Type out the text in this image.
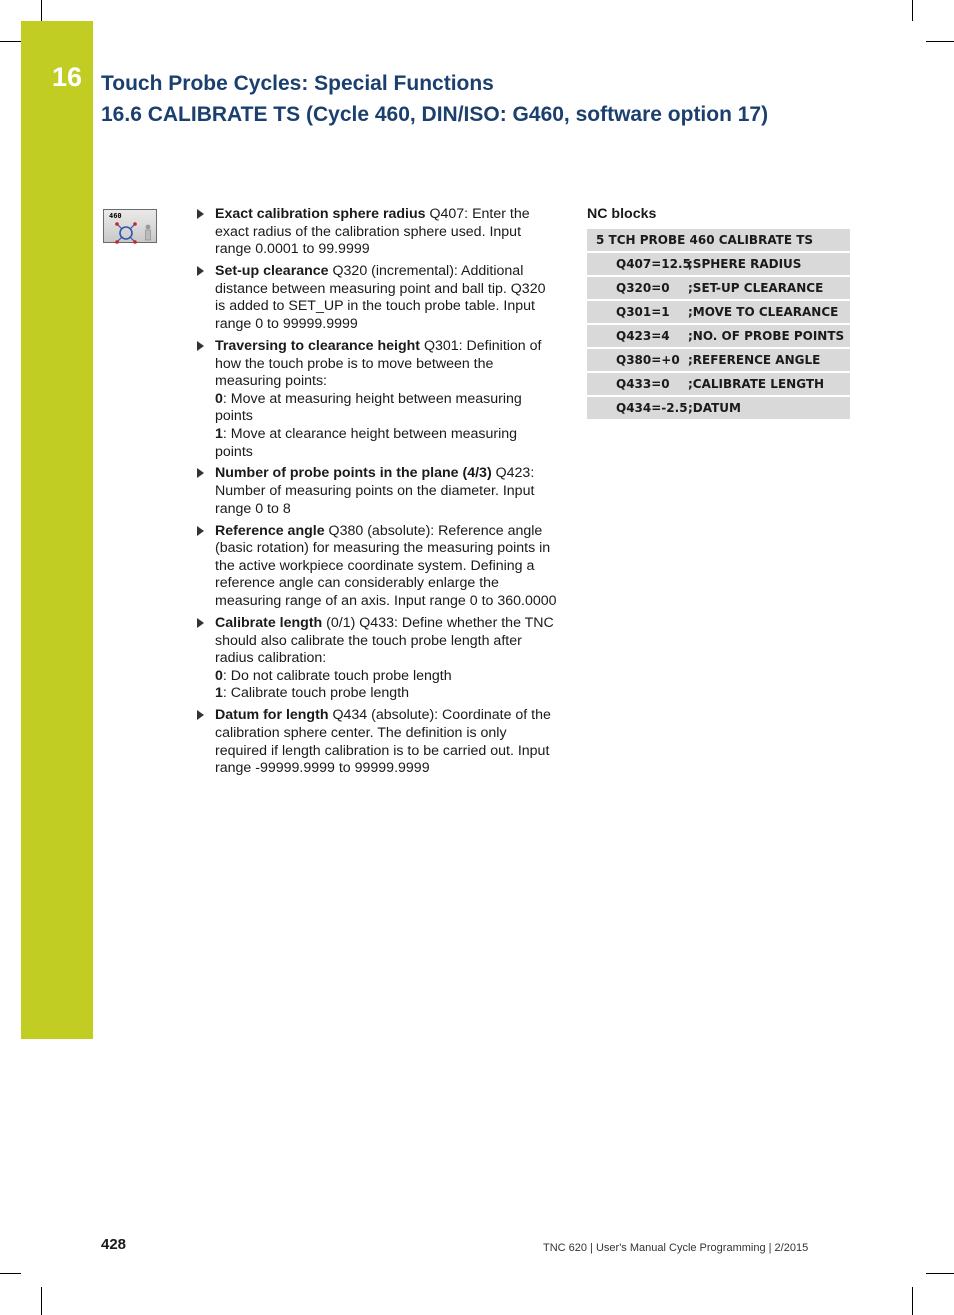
16 Touch Probe Cycles: Special Functions
16.6 CALIBRATE TS (Cycle 460, DIN/ISO: G460, software option 17)
460	Exact calibration sphere radius Q407: Enter the exact radius of the calibration sphere used. Input range 0.0001 to 99.9999
Set-up clearance Q320 (incremental): Additional distance between measuring point and ball tip. Q320 is added to SET_UP in the touch probe table. Input range 0 to 99999.9999
Traversing to clearance height Q301: Definition of how the touch probe is to move between the measuring points:
0: Move at measuring height between measuring points
1: Move at clearance height between measuring points
Number of probe points in the plane (4/3) Q423: Number of measuring points on the diameter. Input range 0 to 8
Reference angle Q380 (absolute): Reference angle (basic rotation) for measuring the measuring points in the active workpiece coordinate system. Defining a reference angle can considerably enlarge the measuring range of an axis. Input range 0 to 360.0000
Calibrate length (0/1) Q433: Define whether the TNC should also calibrate the touch probe length after radius calibration:
0: Do not calibrate touch probe length
1: Calibrate touch probe length
Datum for length Q434 (absolute): Coordinate of the calibration sphere center. The definition is only required if length calibration is to be carried out. Input range -99999.9999 to 99999.9999
NC blocks
5 TCH PROBE 460 CALIBRATE TS
Q407=12.5
;SPHERE RADIUS
Q320=0 ;SET-UP CLEARANCE
Q301=1 ;MOVE TO CLEARANCE
Q423=4 ;NO. OF PROBE POINTS
Q380=+0 ;REFERENCE ANGLE
Q433=0 ;CALIBRATE LENGTH
Q434=-2.5 ;DATUM
428	TNC 620 | User's Manual Cycle Programming | 2/2015
